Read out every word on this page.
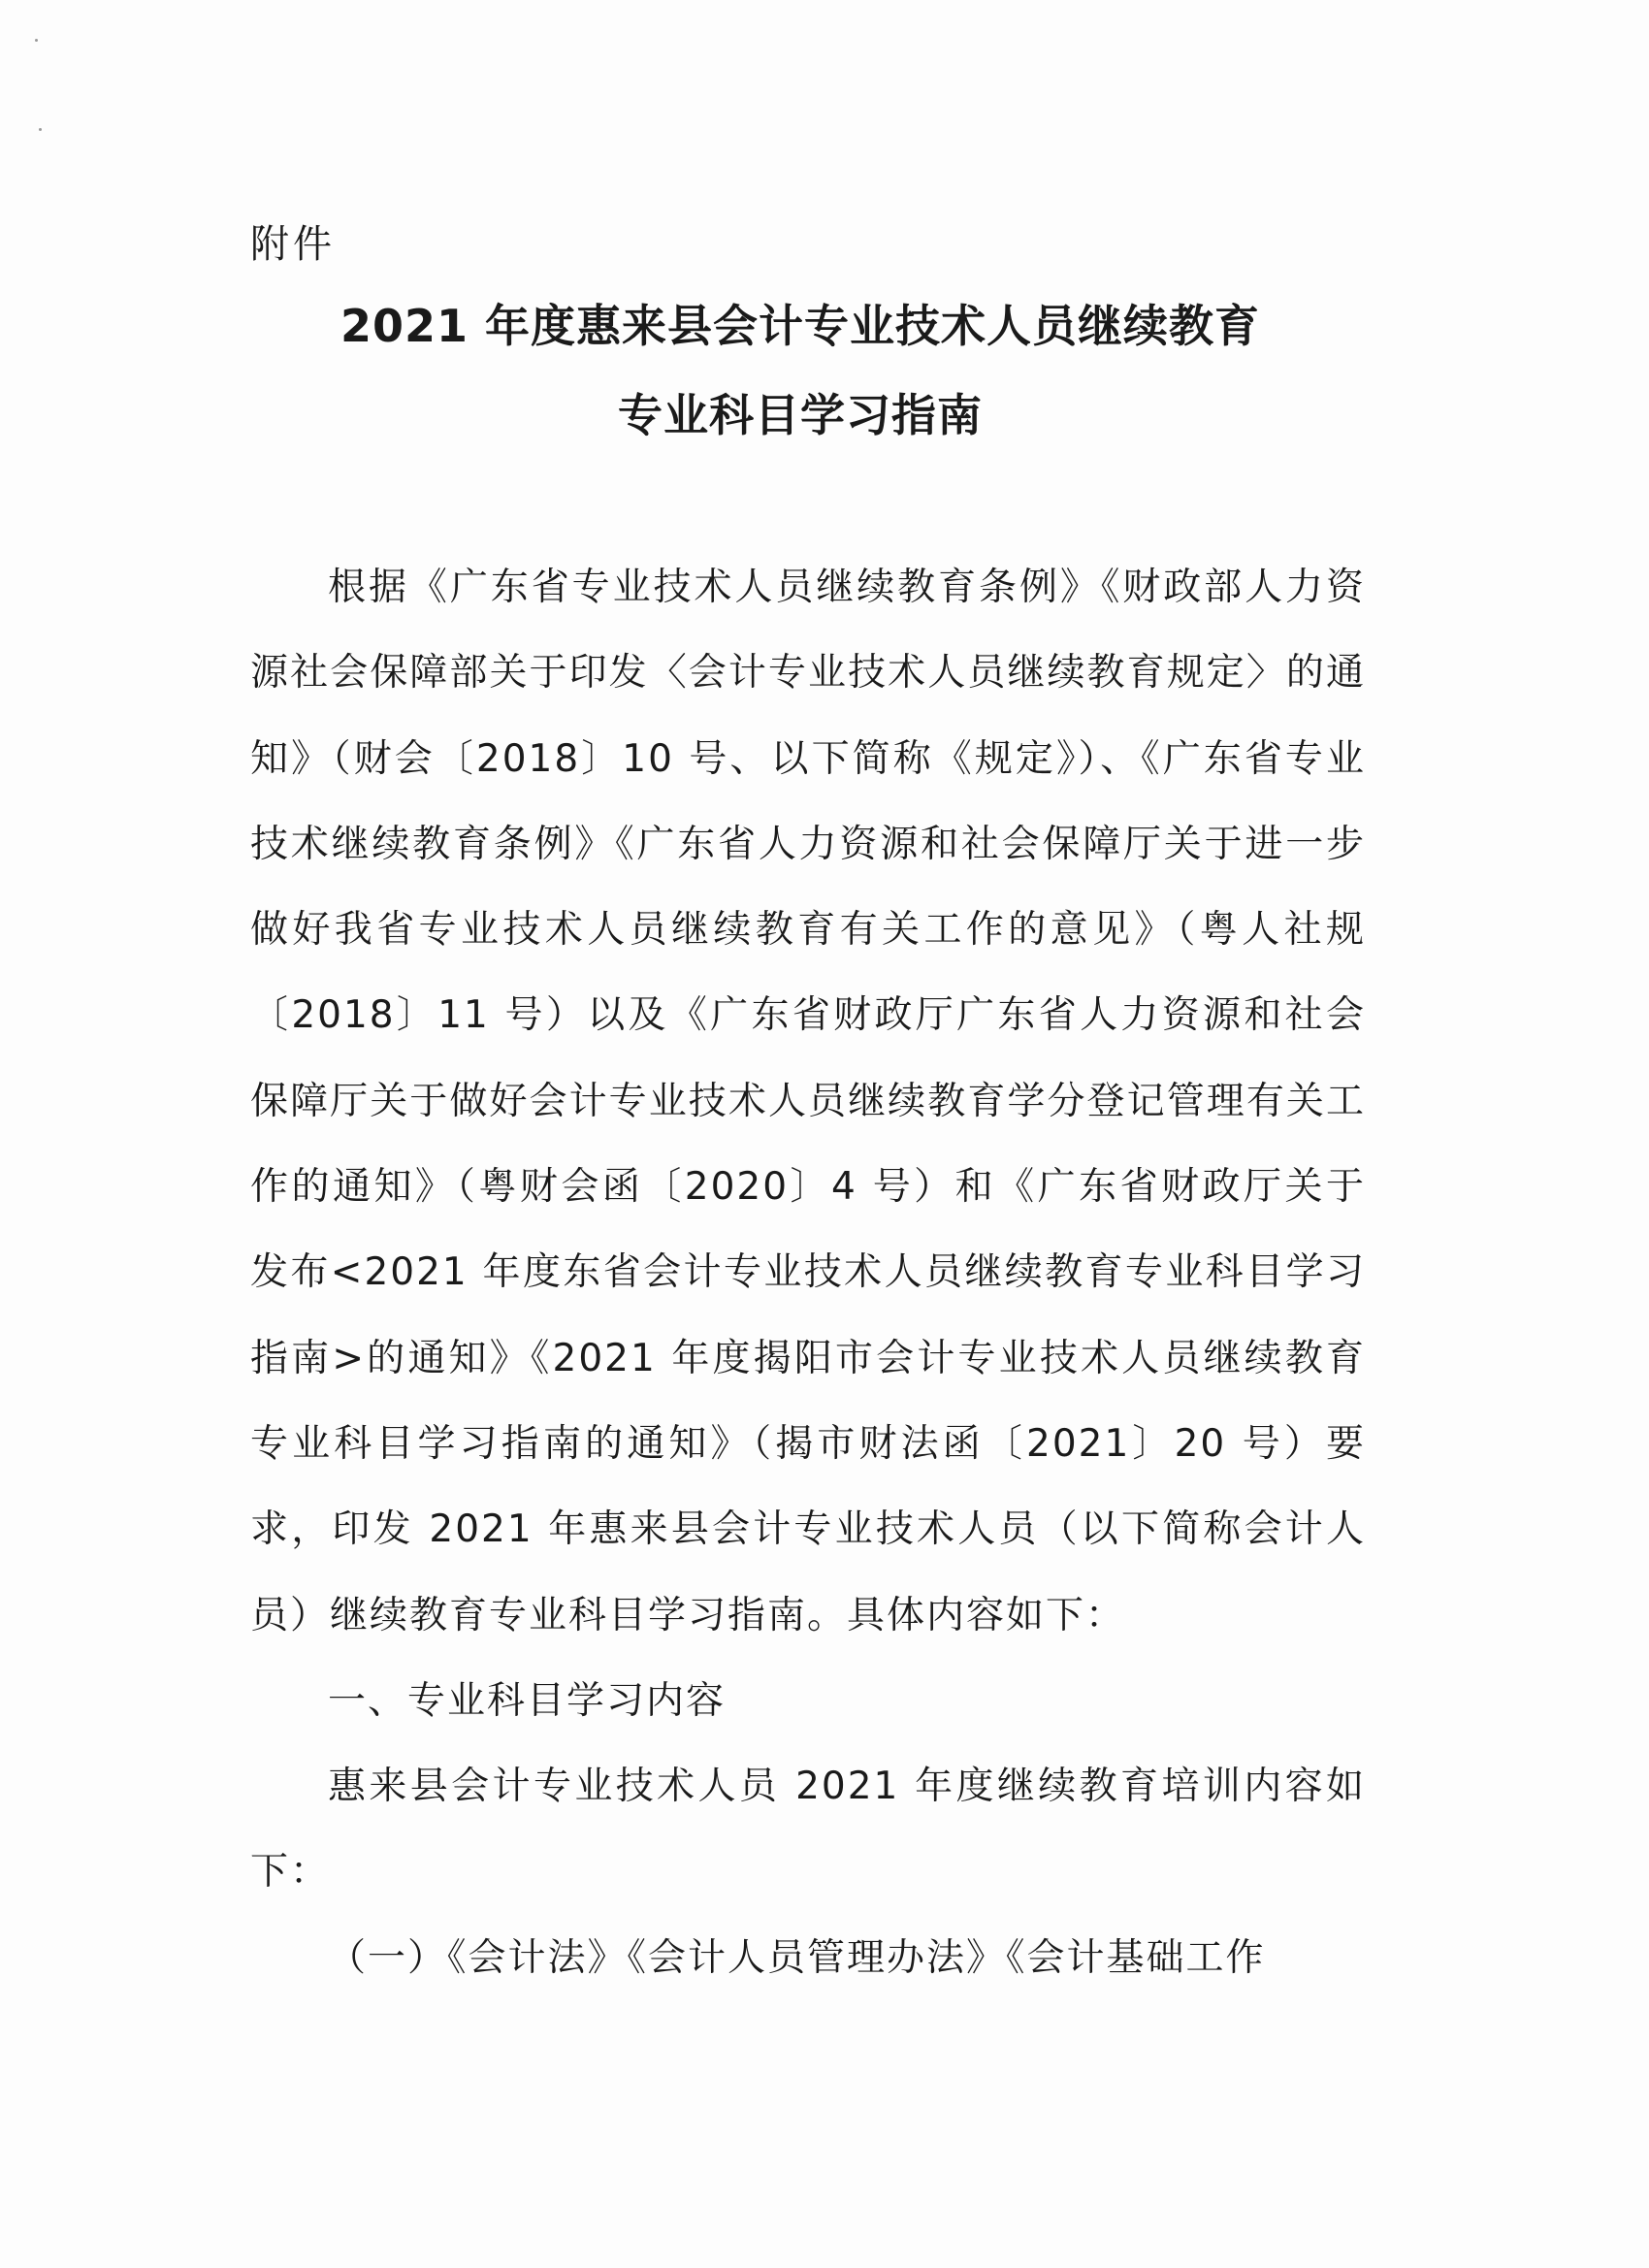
附件
2021 年度惠来县会计专业技术人员继续教育
专业科目学习指南

根据《广东省专业技术人员继续教育条例》《财政部人力资源社会保障部关于印发〈会计专业技术人员继续教育规定〉的通知》（财会〔2018〕10 号、以下简称《规定》）、《广东省专业技术继续教育条例》《广东省人力资源和社会保障厅关于进一步做好我省专业技术人员继续教育有关工作的意见》（粤人社规〔2018〕11 号）以及《广东省财政厅广东省人力资源和社会保障厅关于做好会计专业技术人员继续教育学分登记管理有关工作的通知》（粤财会函〔2020〕4 号）和《广东省财政厅关于发布<2021 年度东省会计专业技术人员继续教育专业科目学习指南>的通知》《2021 年度揭阳市会计专业技术人员继续教育专业科目学习指南的通知》（揭市财法函〔2021〕20 号）要求，印发 2021 年惠来县会计专业技术人员（以下简称会计人员）继续教育专业科目学习指南。具体内容如下：

一、专业科目学习内容

惠来县会计专业技术人员 2021 年度继续教育培训内容如下：

（一）《会计法》《会计人员管理办法》《会计基础工作
